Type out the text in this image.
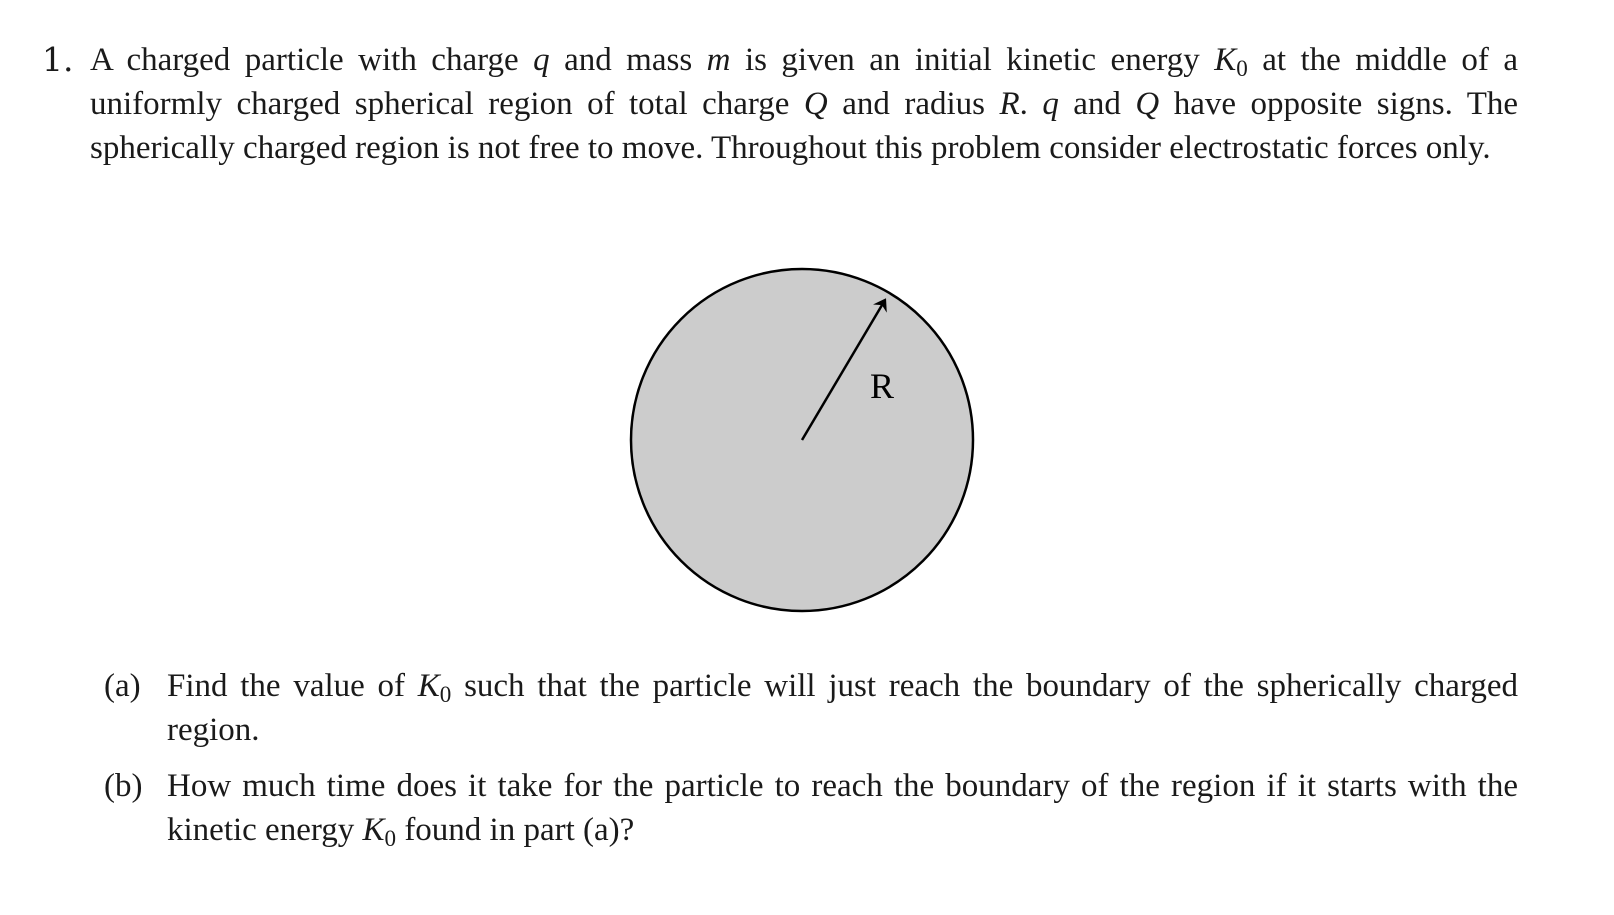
1. A charged particle with charge q and mass m is given an initial kinetic energy $K_0$ at the middle of a uniformly charged spherical region of total charge Q and radius R. q and Q have opposite signs. The spherically charged region is not free to move. Throughout this problem consider electrostatic forces only.
R
(a) Find the value of $K_0$ such that the particle will just reach the boundary of the spherically charged region.
(b) How much time does it take for the particle to reach the boundary of the region if it starts with the kinetic energy $K_0$ found in part (a)?
